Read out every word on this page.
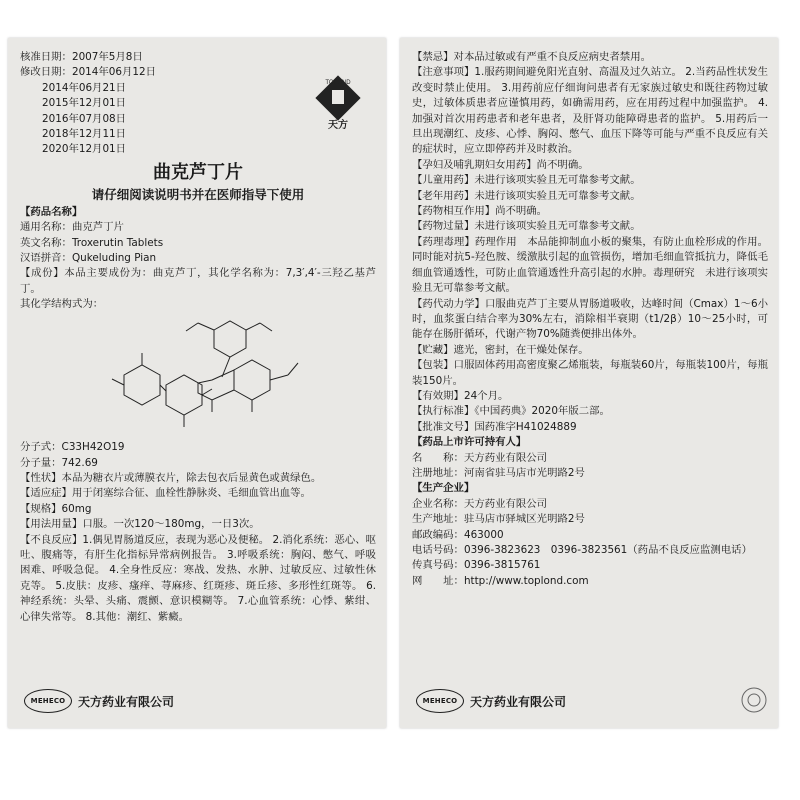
核准日期：2007年5月8日
修改日期：2014年06月12日
2014年06月21日
2015年12月01日
2016年07月08日
2018年12月11日
2020年12月01日
曲克芦丁片
请仔细阅读说明书并在医师指导下使用
【药品名称】
通用名称：曲克芦丁片
英文名称：Troxerutin Tablets
汉语拼音：Qukeluding Pian
【成份】本品主要成份为：曲克芦丁，其化学名称为：7,3′,4′-三羟乙基芦丁。
其化学结构式为：
分子式：C33H42O19
分子量：742.69
【性状】本品为糖衣片或薄膜衣片，除去包衣后显黄色或黄绿色。
【适应症】用于闭塞综合征、血栓性静脉炎、毛细血管出血等。
【规格】60mg
【用法用量】口服。一次120～180mg，一日3次。
【不良反应】1.偶见胃肠道反应，表现为恶心及便秘。 2.消化系统：恶心、呕吐、腹痛等，有肝生化指标异常病例报告。 3.呼吸系统：胸闷、憋气、呼吸困难、呼吸急促。 4.全身性反应：寒战、发热、水肿、过敏反应、过敏性休克等。 5.皮肤：皮疹、瘙痒、荨麻疹、红斑疹、斑丘疹、多形性红斑等。 6.神经系统：头晕、头痛、震颤、意识模糊等。 7.心血管系统：心悸、紫绀、心律失常等。 8.其他：潮红、紫癜。
TOFOND
天方
MEHECO	天方药业有限公司
【禁忌】对本品过敏或有严重不良反应病史者禁用。
【注意事项】1.服药期间避免阳光直射、高温及过久站立。 2.当药品性状发生改变时禁止使用。 3.用药前应仔细询问患者有无家族过敏史和既往药物过敏史，过敏体质患者应谨慎用药，如确需用药，应在用药过程中加强监护。 4.加强对首次用药患者和老年患者，及肝肾功能障碍患者的监护。 5.用药后一旦出现潮红、皮疹、心悸、胸闷、憋气、血压下降等可能与严重不良反应有关的症状时，应立即停药并及时救治。
【孕妇及哺乳期妇女用药】尚不明确。
【儿童用药】未进行该项实验且无可靠参考文献。
【老年用药】未进行该项实验且无可靠参考文献。
【药物相互作用】尚不明确。
【药物过量】未进行该项实验且无可靠参考文献。
【药理毒理】药理作用　本品能抑制血小板的聚集，有防止血栓形成的作用。同时能对抗5-羟色胺、缓激肽引起的血管损伤，增加毛细血管抵抗力，降低毛细血管通透性，可防止血管通透性升高引起的水肿。毒理研究　未进行该项实验且无可靠参考文献。
【药代动力学】口服曲克芦丁主要从胃肠道吸收，达峰时间（Cmax）1～6小时，血浆蛋白结合率为30%左右，消除相半衰期（t1/2β）10～25小时，可能存在肠肝循环，代谢产物70%随粪便排出体外。
【贮藏】遮光，密封，在干燥处保存。
【包装】口服固体药用高密度聚乙烯瓶装，每瓶装60片，每瓶装100片，每瓶装150片。
【有效期】24个月。
【执行标准】《中国药典》2020年版二部。
【批准文号】国药准字H41024889
【药品上市许可持有人】
名　　称：天方药业有限公司
注册地址：河南省驻马店市光明路2号
【生产企业】
企业名称：天方药业有限公司
生产地址：驻马店市驿城区光明路2号
邮政编码：463000
电话号码：0396-3823623　0396-3823561（药品不良反应监测电话）
传真号码：0396-3815761
网　　址：http://www.toplond.com
MEHECO	天方药业有限公司
